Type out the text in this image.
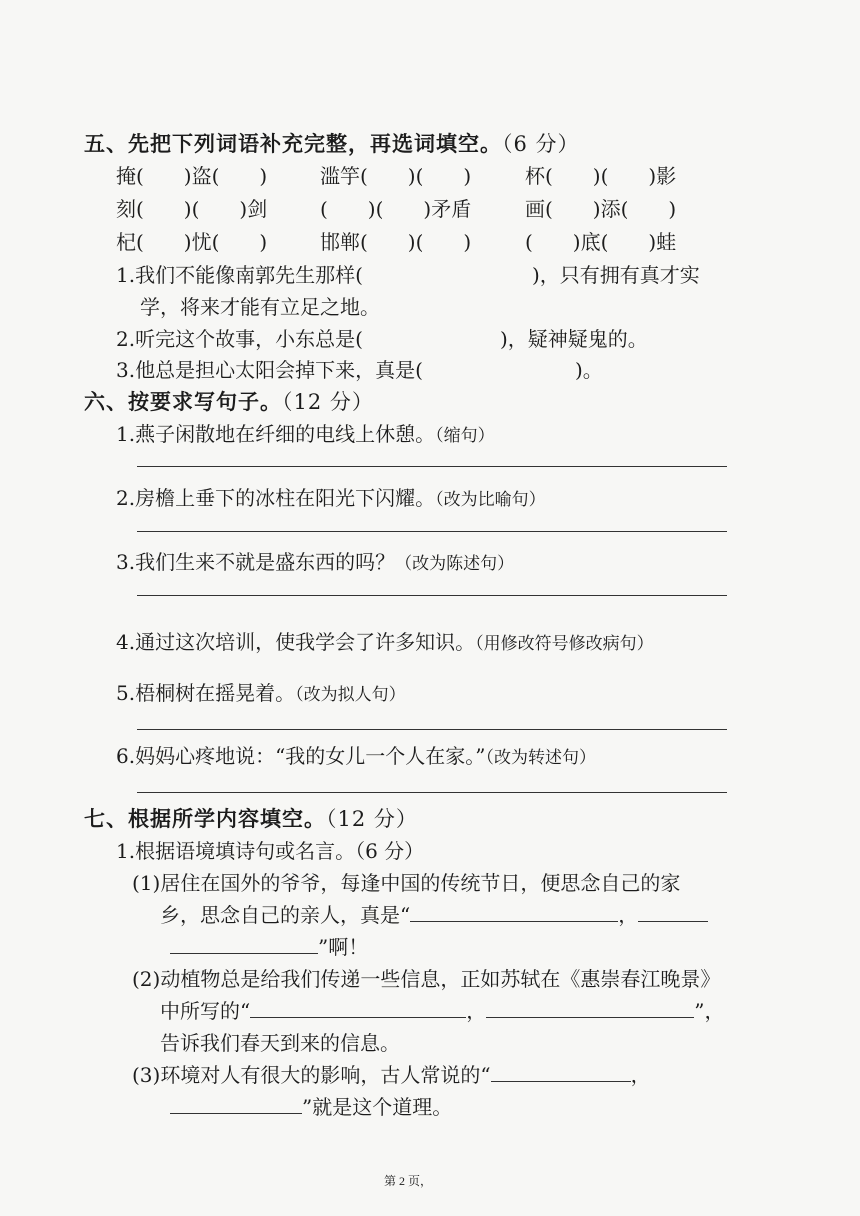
五、先把下列词语补充完整，再选词填空。（6 分）
掩(　　)盗(　　)	滥竽(　　)(　　)	杯(　　)(　　)影
刻(　　)(　　)剑	(　　)(　　)矛盾	画(　　)添(　　)
杞(　　)忧(　　)	邯郸(　　)(　　)	(　　)底(　　)蛙
1.我们不能像南郭先生那样(	)，只有拥有真才实
学，将来才能有立足之地。
2.听完这个故事，小东总是(	)，疑神疑鬼的。
3.他总是担心太阳会掉下来，真是(	)。
六、按要求写句子。（12 分）
1.燕子闲散地在纤细的电线上休憩。（缩句）
2.房檐上垂下的冰柱在阳光下闪耀。（改为比喻句）
3.我们生来不就是盛东西的吗？（改为陈述句）
4.通过这次培训，使我学会了许多知识。（用修改符号修改病句）
5.梧桐树在摇晃着。（改为拟人句）
6.妈妈心疼地说：“我的女儿一个人在家。”（改为转述句）
七、根据所学内容填空。（12 分）
1.根据语境填诗句或名言。（6 分）
(1)居住在国外的爷爷，每逢中国的传统节日，便思念自己的家
乡，思念自己的亲人，真是“	，
”啊！
(2)动植物总是给我们传递一些信息，正如苏轼在《惠崇春江晚景》
中所写的“	，	”，
告诉我们春天到来的信息。
(3)环境对人有很大的影响，古人常说的“	，
”就是这个道理。
第 2 页，
